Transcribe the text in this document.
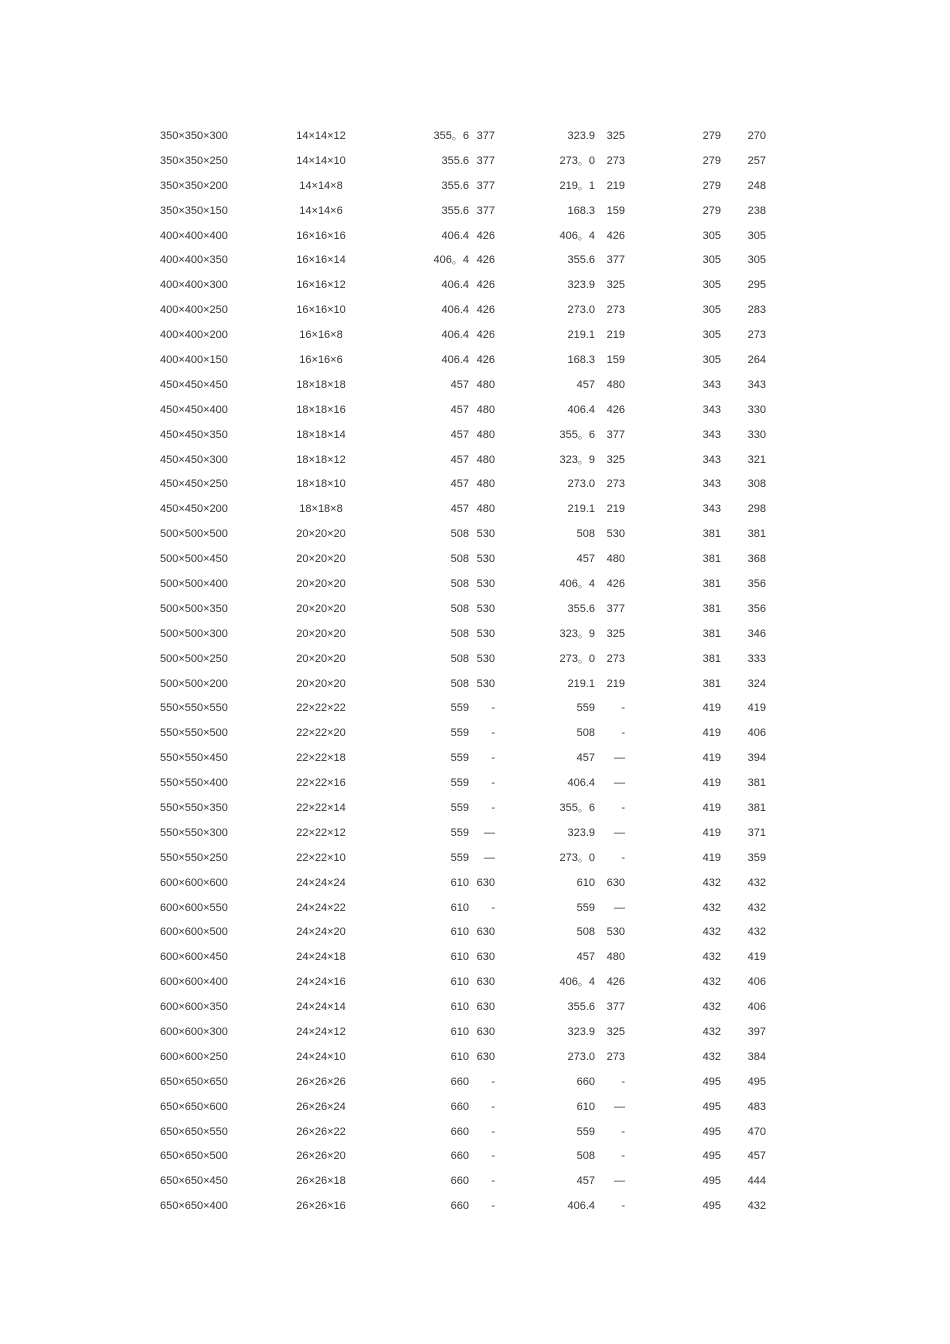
350×350×300	14×14×12	355。6	377	323.9	325	279	270
350×350×250	14×14×10	355.6	377	273。0	273	279	257
350×350×200	14×14×8	355.6	377	219。1	219	279	248
350×350×150	14×14×6	355.6	377	168.3	159	279	238
400×400×400	16×16×16	406.4	426	406。4	426	305	305
400×400×350	16×16×14	406。4	426	355.6	377	305	305
400×400×300	16×16×12	406.4	426	323.9	325	305	295
400×400×250	16×16×10	406.4	426	273.0	273	305	283
400×400×200	16×16×8	406.4	426	219.1	219	305	273
400×400×150	16×16×6	406.4	426	168.3	159	305	264
450×450×450	18×18×18	457	480	457	480	343	343
450×450×400	18×18×16	457	480	406.4	426	343	330
450×450×350	18×18×14	457	480	355。6	377	343	330
450×450×300	18×18×12	457	480	323。9	325	343	321
450×450×250	18×18×10	457	480	273.0	273	343	308
450×450×200	18×18×8	457	480	219.1	219	343	298
500×500×500	20×20×20	508	530	508	530	381	381
500×500×450	20×20×20	508	530	457	480	381	368
500×500×400	20×20×20	508	530	406。4	426	381	356
500×500×350	20×20×20	508	530	355.6	377	381	356
500×500×300	20×20×20	508	530	323。9	325	381	346
500×500×250	20×20×20	508	530	273。0	273	381	333
500×500×200	20×20×20	508	530	219.1	219	381	324
550×550×550	22×22×22	559	-	559	-	419	419
550×550×500	22×22×20	559	-	508	-	419	406
550×550×450	22×22×18	559	-	457	—	419	394
550×550×400	22×22×16	559	-	406.4	—	419	381
550×550×350	22×22×14	559	-	355。6	-	419	381
550×550×300	22×22×12	559	—	323.9	—	419	371
550×550×250	22×22×10	559	—	273。0	-	419	359
600×600×600	24×24×24	610	630	610	630	432	432
600×600×550	24×24×22	610	-	559	—	432	432
600×600×500	24×24×20	610	630	508	530	432	432
600×600×450	24×24×18	610	630	457	480	432	419
600×600×400	24×24×16	610	630	406。4	426	432	406
600×600×350	24×24×14	610	630	355.6	377	432	406
600×600×300	24×24×12	610	630	323.9	325	432	397
600×600×250	24×24×10	610	630	273.0	273	432	384
650×650×650	26×26×26	660	-	660	-	495	495
650×650×600	26×26×24	660	-	610	—	495	483
650×650×550	26×26×22	660	-	559	-	495	470
650×650×500	26×26×20	660	-	508	-	495	457
650×650×450	26×26×18	660	-	457	—	495	444
650×650×400	26×26×16	660	-	406.4	-	495	432
